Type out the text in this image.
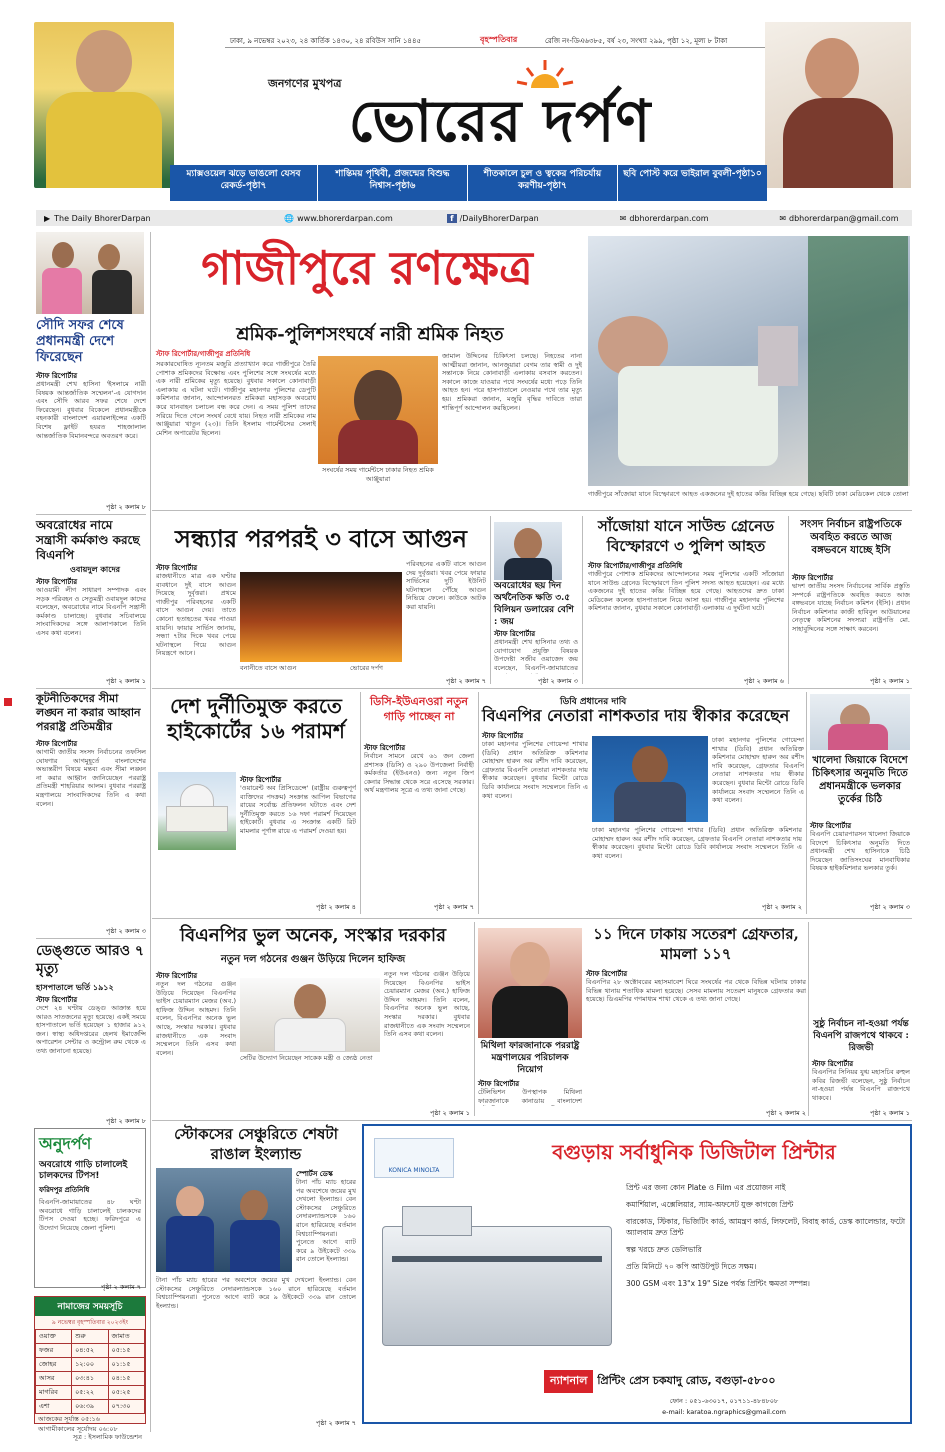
ঢাকা, ৯ নভেম্বর ২০২৩, ২৪ কার্তিক ১৪৩০, ২৪ রবিউস সানি ১৪৪৫	বৃহস্পতিবার	রেজি নং-ডিএ৬৩৮৫, বর্ষ ২৩, সংখ্যা ২৯৯, পৃষ্ঠা ১২, মূল্য ৮ টাকা
জনগণের মুখপত্র
ভোরের দর্পণ
ম্যাক্সওয়েল ঝড়ে ভাঙলো যেসব রেকর্ড-পৃষ্ঠা৭
শান্তিময় পৃথিবী, প্রজন্মের বিশুদ্ধ নিশ্বাস-পৃষ্ঠা৬
শীতকালে চুল ও ত্বকের পরিচর্যায় করণীয়-পৃষ্ঠা৭
ছবি পোস্ট করে ভাইরাল বুবলী-পৃষ্ঠা১০
▶ The Daily BhorerDarpan	🌐 www.bhorerdarpan.com	f /DailyBhorerDarpan	✉ dbhorerdarpan.com	✉ dbhorerdarpan@gmail.com
সৌদি সফর শেষে প্রধানমন্ত্রী দেশে ফিরেছেন
স্টাফ রিপোর্টার
প্রধানমন্ত্রী শেখ হাসিনা 'ইসলামে নারী বিষয়ক আন্তর্জাতিক সম্মেলন'-এ যোগদান এবং সৌদি আরব সফর শেষে দেশে ফিরেছেন। বুধবার বিকেলে প্রধানমন্ত্রীকে বহনকারী বাংলাদেশ এয়ারলাইন্সের একটি বিশেষ ফ্লাইট হযরত শাহজালাল আন্তর্জাতিক বিমানবন্দরে অবতরণ করে।
পৃষ্ঠা ২ কলাম ৮
অবরোধের নামে সন্ত্রাসী কর্মকাণ্ড করছে বিএনপি
ওবায়দুল কাদের
স্টাফ রিপোর্টার
আওয়ামী লীগ সাধারণ সম্পাদক এবং সড়ক পরিবহন ও সেতুমন্ত্রী ওবায়দুল কাদের বলেছেন, অবরোধের নামে বিএনপি সন্ত্রাসী কর্মকাণ্ড চালাচ্ছে। বুধবার সচিবালয়ে সাংবাদিকদের সঙ্গে আলাপকালে তিনি এসব কথা বলেন।
পৃষ্ঠা ২ কলাম ১
কূটনীতিকদের সীমা লঙ্ঘন না করার আহ্বান পররাষ্ট্র প্রতিমন্ত্রীর
স্টাফ রিপোর্টার
আগামী জাতীয় সংসদ নির্বাচনের তফসিল ঘোষণার আগমুহূর্তে বাংলাদেশের অভ্যন্তরীণ বিষয়ে মন্তব্য এবং সীমা লঙ্ঘন না করার আহ্বান জানিয়েছেন পররাষ্ট্র প্রতিমন্ত্রী শাহরিয়ার আলম। বুধবার পররাষ্ট্র মন্ত্রণালয়ে সাংবাদিকদের তিনি এ কথা বলেন।
পৃষ্ঠা ২ কলাম ৩
ডেঙ্গুতে আরও ৭ মৃত্যু
হাসপাতালে ভর্তি ১৯১২
স্টাফ রিপোর্টার
দেশে ২৪ ঘণ্টায় ডেঙ্গু আক্রান্ত হয়ে আরও সাতজনের মৃত্যু হয়েছে। একই সময়ে হাসপাতালে ভর্তি হয়েছেন ১ হাজার ৯১২ জন। স্বাস্থ্য অধিদপ্তরের হেলথ ইমার্জেন্সি অপারেশন সেন্টার ও কন্ট্রোল রুম থেকে এ তথ্য জানানো হয়েছে।
পৃষ্ঠা ২ কলাম ৮
অনুদর্পণ
অবরোধে গাড়ি চালালেই চালকদের টিপস!
ফরিদপুর প্রতিনিধি
বিএনপি-জামায়াতের ৪৮ ঘণ্টা অবরোধে গাড়ি চালালেই চালকদের টিপস দেওয়া হচ্ছে। ফরিদপুরে এ উদ্যোগ নিয়েছে জেলা পুলিশ।
পৃষ্ঠা ২ কলাম ৭
নামাজের সময়সূচি
৯ নভেম্বর বৃহস্পতিবার ২০২৩ইং
ওয়াক্ত	শুরু	জামাত
ফজর	০৪:৫২	০৫:১৫
জোহর	১২:০০	০১:১৫
আসর	০৩:৪১	০৪:১৫
মাগরিব	০৫:২২	০৫:২৫
এশা	০৬:৩৯	০৭:৩০
আজকের সূর্যাস্ত ০৫:১৬
আগামীকালের সূর্যোদয় ০৬:০৮
সূত্র : ইসলামিক ফাউন্ডেশন
গাজীপুরে রণক্ষেত্র
শ্রমিক-পুলিশসংঘর্ষে নারী শ্রমিক নিহত
স্টাফ রিপোর্টার/গাজীপুর প্রতিনিধি
সরকারঘোষিত ন্যূনতম মজুরি প্রত্যাখ্যান করে গাজীপুরে তৈরি পোশাক শ্রমিকদের বিক্ষোভ এবং পুলিশের সঙ্গে সংঘর্ষের মধ্যে এক নারী শ্রমিকের মৃত্যু হয়েছে। বুধবার সকালে কোনাবাড়ী এলাকায় এ ঘটনা ঘটে। গাজীপুর মহানগর পুলিশের ডেপুটি কমিশনার জানান, আন্দোলনরত শ্রমিকরা মহাসড়ক অবরোধ করে যানবাহন চলাচল বন্ধ করে দেন। এ সময় পুলিশ তাদের সরিয়ে দিতে গেলে সংঘর্ষ বেধে যায়। নিহত নারী শ্রমিকের নাম আঞ্জুয়ারা খাতুন (২৩)। তিনি ইসলাম গার্মেন্টসের সেলাই মেশিন অপারেটর ছিলেন।
সংঘর্ষের সময় গার্মেন্টসে ঢাকার নিহত শ্রমিক আঞ্জুয়ারা
জামাল উদ্দিনের চিকিৎসা চলছে। নিহতের নানা আত্মীয়রা জানান, আনজুয়ারা বেগম তার স্বামী ও দুই সন্তানকে নিয়ে কোনাবাড়ী এলাকায় বসবাস করতেন। সকালে কাজে যাওয়ার পথে সংঘর্ষের মধ্যে পড়ে তিনি আহত হন। পরে হাসপাতালে নেওয়ার পথে তার মৃত্যু হয়। শ্রমিকরা জানান, মজুরি বৃদ্ধির দাবিতে তারা শান্তিপূর্ণ আন্দোলন করছিলেন।
গাজীপুরে সাঁজোয়া যানে বিস্ফোরণে আহত একজনের দুই হাতের কব্জি বিচ্ছিন্ন হয়ে গেছে। ছবিটি ঢাকা মেডিকেল থেকে তোলা
সন্ধ্যার পরপরই ৩ বাসে আগুন
স্টাফ রিপোর্টার
রাজধানীতে মাত্র এক ঘণ্টার ব্যবধানে দুই বাসে আগুন দিয়েছে দুর্বৃত্তরা। প্রথমে গাজীপুর পরিবহনের একটি বাসে আগুন দেয়। তাতে কোনো হতাহতের খবর পাওয়া যায়নি। ফায়ার সার্ভিস জানায়, সন্ধ্যা ৭টার দিকে খবর পেয়ে ঘটনাস্থলে গিয়ে আগুন নিয়ন্ত্রণে আনে।
বনানীতে বাসে আগুন	ভোরের দর্পণ
পরিবহনের একটি বাসে আগুন দেয় দুর্বৃত্তরা। খবর পেয়ে ফায়ার সার্ভিসের দুটি ইউনিট ঘটনাস্থলে পৌঁছে আগুন নিভিয়ে ফেলে। কাউকে আটক করা যায়নি।
পৃষ্ঠা ২ কলাম ৭
অবরোধের ছয় দিন অর্থনৈতিক ক্ষতি ৩.৫ বিলিয়ন ডলারের বেশি : জয়
স্টাফ রিপোর্টার
প্রধানমন্ত্রী শেখ হাসিনার তথ্য ও যোগাযোগ প্রযুক্তি বিষয়ক উপদেষ্টা সজীব ওয়াজেদ জয় বলেছেন, বিএনপি-জামায়াতের
পৃষ্ঠা ২ কলাম ৩
সাঁজোয়া যানে সাউন্ড গ্রেনেড বিস্ফোরণে ৩ পুলিশ আহত
স্টাফ রিপোর্টার/গাজীপুর প্রতিনিধি
গাজীপুরে পোশাক শ্রমিকদের আন্দোলনের সময় পুলিশের একটি সাঁজোয়া যানে সাউন্ড গ্রেনেড বিস্ফোরণে তিন পুলিশ সদস্য আহত হয়েছেন। এর মধ্যে একজনের দুই হাতের কব্জি বিচ্ছিন্ন হয়ে গেছে। আহতদের দ্রুত ঢাকা মেডিকেল কলেজ হাসপাতালে নিয়ে আসা হয়। গাজীপুর মহানগর পুলিশের কমিশনার জানান, বুধবার সকালে কোনাবাড়ী এলাকায় এ দুর্ঘটনা ঘটে।
পৃষ্ঠা ২ কলাম ৬
সংসদ নির্বাচন রাষ্ট্রপতিকে অবহিত করতে আজ বঙ্গভবনে যাচ্ছে ইসি
স্টাফ রিপোর্টার
দ্বাদশ জাতীয় সংসদ নির্বাচনের সার্বিক প্রস্তুতি সম্পর্কে রাষ্ট্রপতিকে অবহিত করতে আজ বঙ্গভবনে যাচ্ছে নির্বাচন কমিশন (ইসি)। প্রধান নির্বাচন কমিশনার কাজী হাবিবুল আউয়ালের নেতৃত্বে কমিশনের সদস্যরা রাষ্ট্রপতি মো. সাহাবুদ্দিনের সঙ্গে সাক্ষাৎ করবেন।
পৃষ্ঠা ২ কলাম ১
দেশ দুর্নীতিমুক্ত করতে হাইকোর্টের ১৬ পরামর্শ
স্টাফ রিপোর্টার
'ওয়ারেন্ট অব প্রিসিডেন্সে' (রাষ্ট্রীয় গুরুত্বপূর্ণ ব্যক্তিদের পদক্রম) সংক্রান্ত আপিল বিভাগের রায়ের সর্বোচ্চ প্রতিফলন ঘটাতে এবং দেশ দুর্নীতিমুক্ত করতে ১৬ দফা পরামর্শ দিয়েছেন হাইকোর্ট। বুধবার এ সংক্রান্ত একটি রিট মামলার পূর্ণাঙ্গ রায়ে এ পরামর্শ দেওয়া হয়।
পৃষ্ঠা ২ কলাম ৪
ডিসি-ইউএনওরা নতুন গাড়ি পাচ্ছেন না
স্টাফ রিপোর্টার
নির্বাচন সামনে রেখে ৬১ জন জেলা প্রশাসক (ডিসি) ও ২৯০ উপজেলা নির্বাহী কর্মকর্তার (ইউএনও) জন্য নতুন জিপ কেনার সিদ্ধান্ত থেকে সরে এসেছে সরকার। অর্থ মন্ত্রণালয় সূত্রে এ তথ্য জানা গেছে।
পৃষ্ঠা ২ কলাম ৭
ডিবি প্রধানের দাবি
বিএনপির নেতারা নাশকতার দায় স্বীকার করেছেন
স্টাফ রিপোর্টার
ঢাকা মহানগর পুলিশের গোয়েন্দা শাখার (ডিবি) প্রধান অতিরিক্ত কমিশনার মোহাম্মদ হারুন অর রশীদ দাবি করেছেন, গ্রেফতার বিএনপি নেতারা নাশকতার দায় স্বীকার করেছেন। বুধবার মিন্টো রোডে ডিবি কার্যালয়ে সংবাদ সম্মেলনে তিনি এ কথা বলেন।
ঢাকা মহানগর পুলিশের গোয়েন্দা শাখার (ডিবি) প্রধান অতিরিক্ত কমিশনার মোহাম্মদ হারুন অর রশীদ দাবি করেছেন, গ্রেফতার বিএনপি নেতারা নাশকতার দায় স্বীকার করেছেন। বুধবার মিন্টো রোডে ডিবি কার্যালয়ে সংবাদ সম্মেলনে তিনি এ কথা বলেন।
ঢাকা মহানগর পুলিশের গোয়েন্দা শাখার (ডিবি) প্রধান অতিরিক্ত কমিশনার মোহাম্মদ হারুন অর রশীদ দাবি করেছেন, গ্রেফতার বিএনপি নেতারা নাশকতার দায় স্বীকার করেছেন। বুধবার মিন্টো রোডে ডিবি কার্যালয়ে সংবাদ সম্মেলনে তিনি এ কথা বলেন।
পৃষ্ঠা ২ কলাম ২
খালেদা জিয়াকে বিদেশে চিকিৎসার অনুমতি দিতে প্রধানমন্ত্রীকে ভলকার তুর্কের চিঠি
স্টাফ রিপোর্টার
বিএনপি চেয়ারপারসন খালেদা জিয়াকে বিদেশে চিকিৎসার অনুমতি দিতে প্রধানমন্ত্রী শেখ হাসিনাকে চিঠি দিয়েছেন জাতিসংঘের মানবাধিকার বিষয়ক হাইকমিশনার ভলকার তুর্ক।
পৃষ্ঠা ২ কলাম ৩
বিএনপির ভুল অনেক, সংস্কার দরকার
নতুন দল গঠনের গুঞ্জন উড়িয়ে দিলেন হাফিজ
স্টাফ রিপোর্টার
নতুন দল গঠনের গুঞ্জন উড়িয়ে দিয়েছেন বিএনপির ভাইস চেয়ারম্যান মেজর (অব.) হাফিজ উদ্দিন আহমদ। তিনি বলেন, বিএনপির অনেক ভুল আছে, সংস্কার দরকার। বুধবার রাজধানীতে এক সংবাদ সম্মেলনে তিনি এসব কথা বলেন।
সেটির উদ্যোগ নিয়েছেন সাকেক মন্ত্রী ও জ্যেষ্ঠ নেতা
নতুন দল গঠনের গুঞ্জন উড়িয়ে দিয়েছেন বিএনপির ভাইস চেয়ারম্যান মেজর (অব.) হাফিজ উদ্দিন আহমদ। তিনি বলেন, বিএনপির অনেক ভুল আছে, সংস্কার দরকার। বুধবার রাজধানীতে এক সংবাদ সম্মেলনে তিনি এসব কথা বলেন।
পৃষ্ঠা ২ কলাম ১
মিথিলা ফারজানাকে পররাষ্ট্র মন্ত্রণালয়ের পরিচালক নিয়োগ
স্টাফ রিপোর্টার
টেলিভিশন উপস্থাপক মিথিলা ফারজানাকে কানাডায় বাংলাদেশ
১১ দিনে ঢাকায় সতেরশ গ্রেফতার, মামলা ১১৭
স্টাফ রিপোর্টার
বিএনপির ২৮ অক্টোবরের মহাসমাবেশ ঘিরে সংঘর্ষের পর থেকে বিভিন্ন ঘটনায় ঢাকার বিভিন্ন থানায় শতাধিক মামলা হয়েছে। সেসব মামলায় সতেরশ মানুষকে গ্রেফতার করা হয়েছে। ডিএমপির গণমাধ্যম শাখা থেকে এ তথ্য জানা গেছে।
পৃষ্ঠা ২ কলাম ২
সুষ্ঠু নির্বাচন না-হওয়া পর্যন্ত বিএনপি রাজপথে থাকবে : রিজভী
স্টাফ রিপোর্টার
বিএনপির সিনিয়র যুগ্ম মহাসচিব রুহুল কবির রিজভী বলেছেন, সুষ্ঠু নির্বাচন না-হওয়া পর্যন্ত বিএনপি রাজপথে থাকবে।
পৃষ্ঠা ২ কলাম ১
স্টোকসের সেঞ্চুরিতে শেষটা রাঙাল ইংল্যান্ড
স্পোর্টস ডেস্ক
টানা পাঁচ ম্যাচ হারের পর অবশেষে জয়ের মুখ দেখলো ইংল্যান্ড। বেন স্টোকসের সেঞ্চুরিতে নেদারল্যান্ডসকে ১৬০ রানে হারিয়েছে বর্তমান বিশ্বচ্যাম্পিয়নরা। পুনেতে আগে ব্যাট করে ৯ উইকেটে ৩৩৯ রান তোলে ইংল্যান্ড।
টানা পাঁচ ম্যাচ হারের পর অবশেষে জয়ের মুখ দেখলো ইংল্যান্ড। বেন স্টোকসের সেঞ্চুরিতে নেদারল্যান্ডসকে ১৬০ রানে হারিয়েছে বর্তমান বিশ্বচ্যাম্পিয়নরা। পুনেতে আগে ব্যাট করে ৯ উইকেটে ৩৩৯ রান তোলে ইংল্যান্ড।
পৃষ্ঠা ২ কলাম ৭
বগুড়ায় সর্বাধুনিক ডিজিটাল প্রিন্টার
KONICA MINOLTA
প্রিন্ট এর জন্য কোন Plate ও Film এর প্রয়োজন নাই
কমার্শিয়াল, এক্সেলিয়ার, স্যাম-অফসেট যুক্ত কাগজে প্রিন্ট
বারকোড, স্টিকার, ভিজিটিং কার্ড, আমন্ত্রণ কার্ড, লিফলেট, বিবাহ কার্ড, ডেস্ক ক্যালেন্ডার, ফটো অ্যালবাম দ্রুত প্রিন্ট
স্বল্প খরচে দ্রুত ডেলিভারি
প্রতি মিনিটে ৭০ কপি আউটপুট দিতে সক্ষম।
300 GSM এবং 13"x 19" Size পর্যন্ত প্রিন্টিং ক্ষমতা সম্পন্ন।
ন্যাশনাল প্রিন্টিং প্রেস চকযাদু রোড, বগুড়া-৫৮০০
ফোন : ০৫১-৬৩০১৭, ০১৭১১-৪৮৪৮০৮
e-mail: karatoa.ngraphics@gmail.com
